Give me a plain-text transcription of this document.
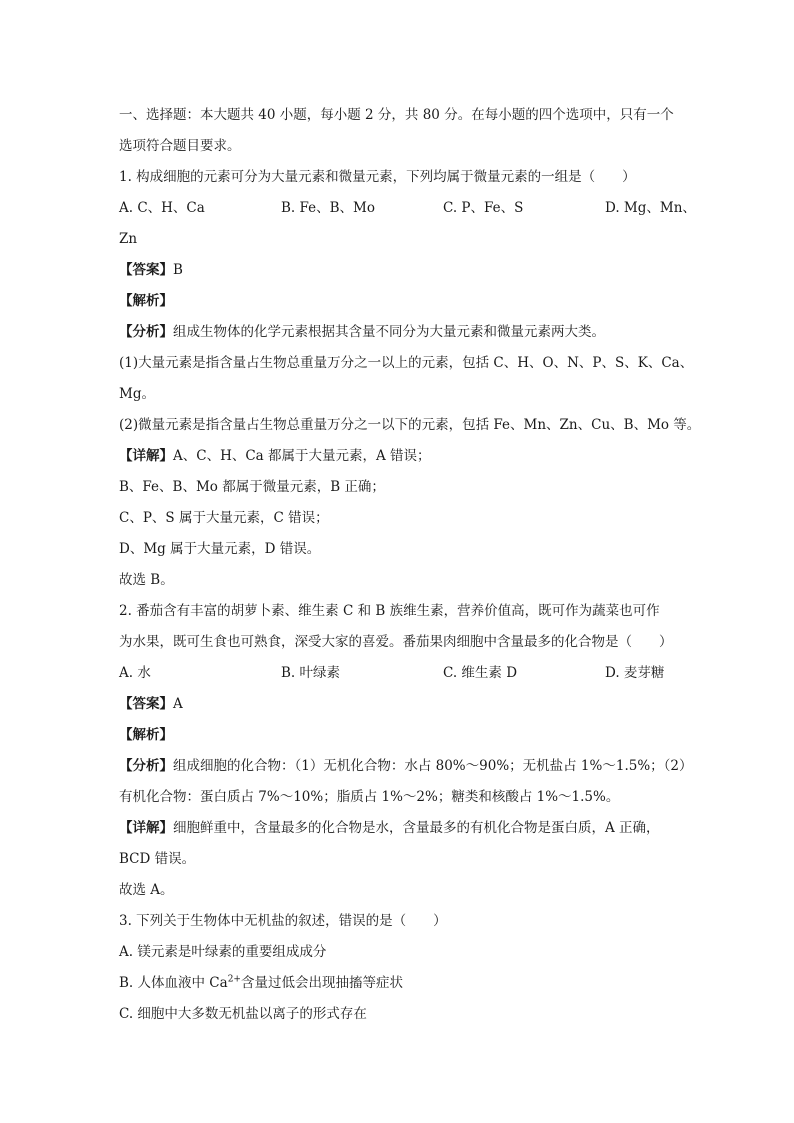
一、选择题：本大题共 40 小题，每小题 2 分，共 80 分。在每小题的四个选项中，只有一个
选项符合题目要求。
1. 构成细胞的元素可分为大量元素和微量元素，下列均属于微量元素的一组是（　　）
A. C、H、Ca	B. Fe、B、Mo	C. P、Fe、S	D. Mg、Mn、
Zn
【答案】B
【解析】
【分析】组成生物体的化学元素根据其含量不同分为大量元素和微量元素两大类。
(1)大量元素是指含量占生物总重量万分之一以上的元素，包括 C、H、O、N、P、S、K、Ca、
Mg。
(2)微量元素是指含量占生物总重量万分之一以下的元素，包括 Fe、Mn、Zn、Cu、B、Mo 等。
【详解】A、C、H、Ca 都属于大量元素，A 错误；
B、Fe、B、Mo 都属于微量元素，B 正确；
C、P、S 属于大量元素，C 错误；
D、Mg 属于大量元素，D 错误。
故选 B。
2. 番茄含有丰富的胡萝卜素、维生素 C 和 B 族维生素，营养价值高，既可作为蔬菜也可作
为水果，既可生食也可熟食，深受大家的喜爱。番茄果肉细胞中含量最多的化合物是（　　）
A. 水	B. 叶绿素	C. 维生素 D	D. 麦芽糖
【答案】A
【解析】
【分析】组成细胞的化合物：（1）无机化合物：水占 80%～90%；无机盐占 1%～1.5%；（2）
有机化合物：蛋白质占 7%～10%；脂质占 1%～2%；糖类和核酸占 1%～1.5%。
【详解】细胞鲜重中，含量最多的化合物是水，含量最多的有机化合物是蛋白质，A 正确，
BCD 错误。
故选 A。
3. 下列关于生物体中无机盐的叙述，错误的是（　　）
A. 镁元素是叶绿素的重要组成成分
B. 人体血液中 $Ca^{2+}$含量过低会出现抽搐等症状
C. 细胞中大多数无机盐以离子的形式存在
